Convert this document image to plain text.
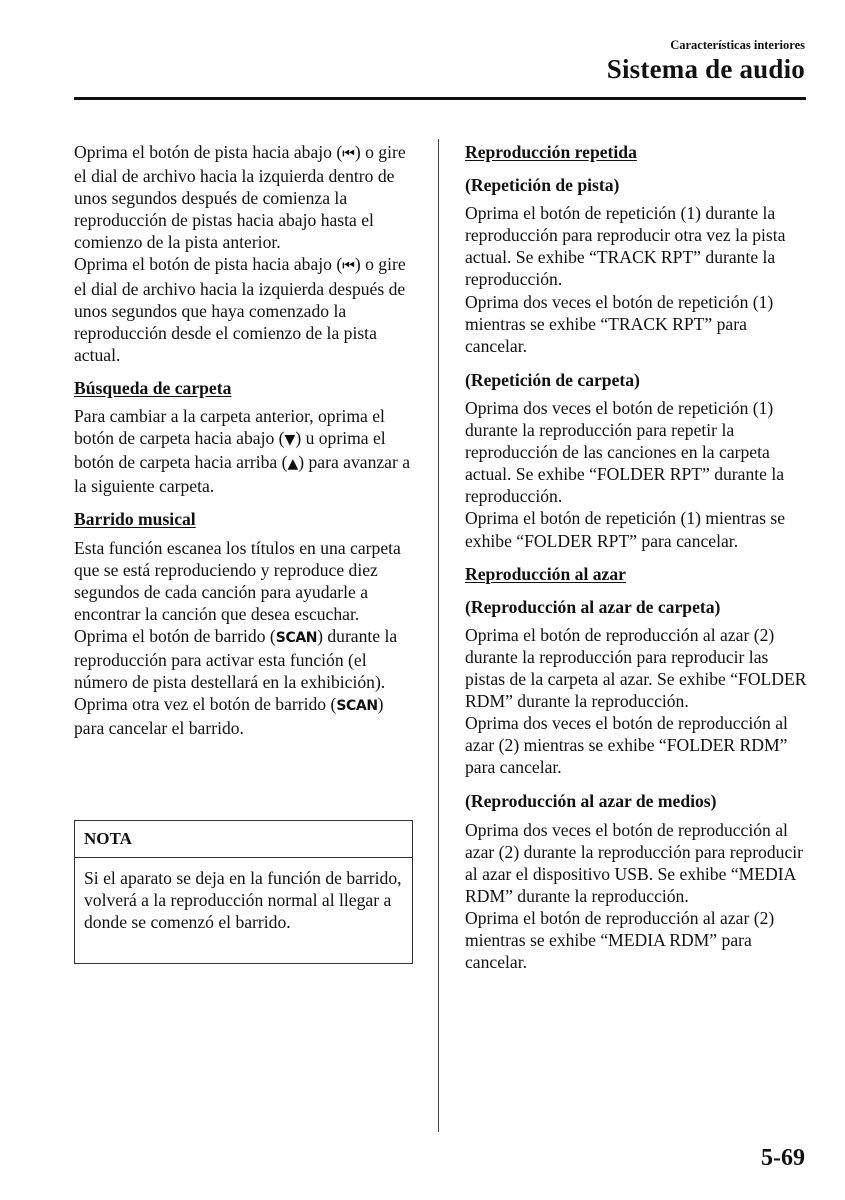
Características interiores
Sistema de audio

Oprima el botón de pista hacia abajo (⏮) o gire el dial de archivo hacia la izquierda dentro de unos segundos después de comienza la reproducción de pistas hacia abajo hasta el comienzo de la pista anterior.

Oprima el botón de pista hacia abajo (⏮) o gire el dial de archivo hacia la izquierda después de unos segundos que haya comenzado la reproducción desde el comienzo de la pista actual.

Búsqueda de carpeta

Para cambiar a la carpeta anterior, oprima el botón de carpeta hacia abajo (▼) u oprima el botón de carpeta hacia arriba (▲) para avanzar a la siguiente carpeta.

Barrido musical

Esta función escanea los títulos en una carpeta que se está reproduciendo y reproduce diez segundos de cada canción para ayudarle a encontrar la canción que desea escuchar.

Oprima el botón de barrido (SCAN) durante la reproducción para activar esta función (el número de pista destellará en la exhibición). Oprima otra vez el botón de barrido (SCAN) para cancelar el barrido.

NOTA
Si el aparato se deja en la función de barrido, volverá a la reproducción normal al llegar a donde se comenzó el barrido.
Reproducción repetida
(Repetición de pista)

Oprima el botón de repetición (1) durante la reproducción para reproducir otra vez la pista actual. Se exhibe “TRACK RPT” durante la reproducción.

Oprima dos veces el botón de repetición (1) mientras se exhibe “TRACK RPT” para cancelar.

(Repetición de carpeta)

Oprima dos veces el botón de repetición (1) durante la reproducción para repetir la reproducción de las canciones en la carpeta actual. Se exhibe “FOLDER RPT” durante la reproducción.

Oprima el botón de repetición (1) mientras se exhibe “FOLDER RPT” para cancelar.

Reproducción al azar
(Reproducción al azar de carpeta)

Oprima el botón de reproducción al azar (2) durante la reproducción para reproducir las pistas de la carpeta al azar. Se exhibe “FOLDER RDM” durante la reproducción.

Oprima dos veces el botón de reproducción al azar (2) mientras se exhibe “FOLDER RDM” para cancelar.

(Reproducción al azar de medios)

Oprima dos veces el botón de reproducción al azar (2) durante la reproducción para reproducir al azar el dispositivo USB. Se exhibe “MEDIA RDM” durante la reproducción.

Oprima el botón de reproducción al azar (2) mientras se exhibe “MEDIA RDM” para cancelar.

5-69
